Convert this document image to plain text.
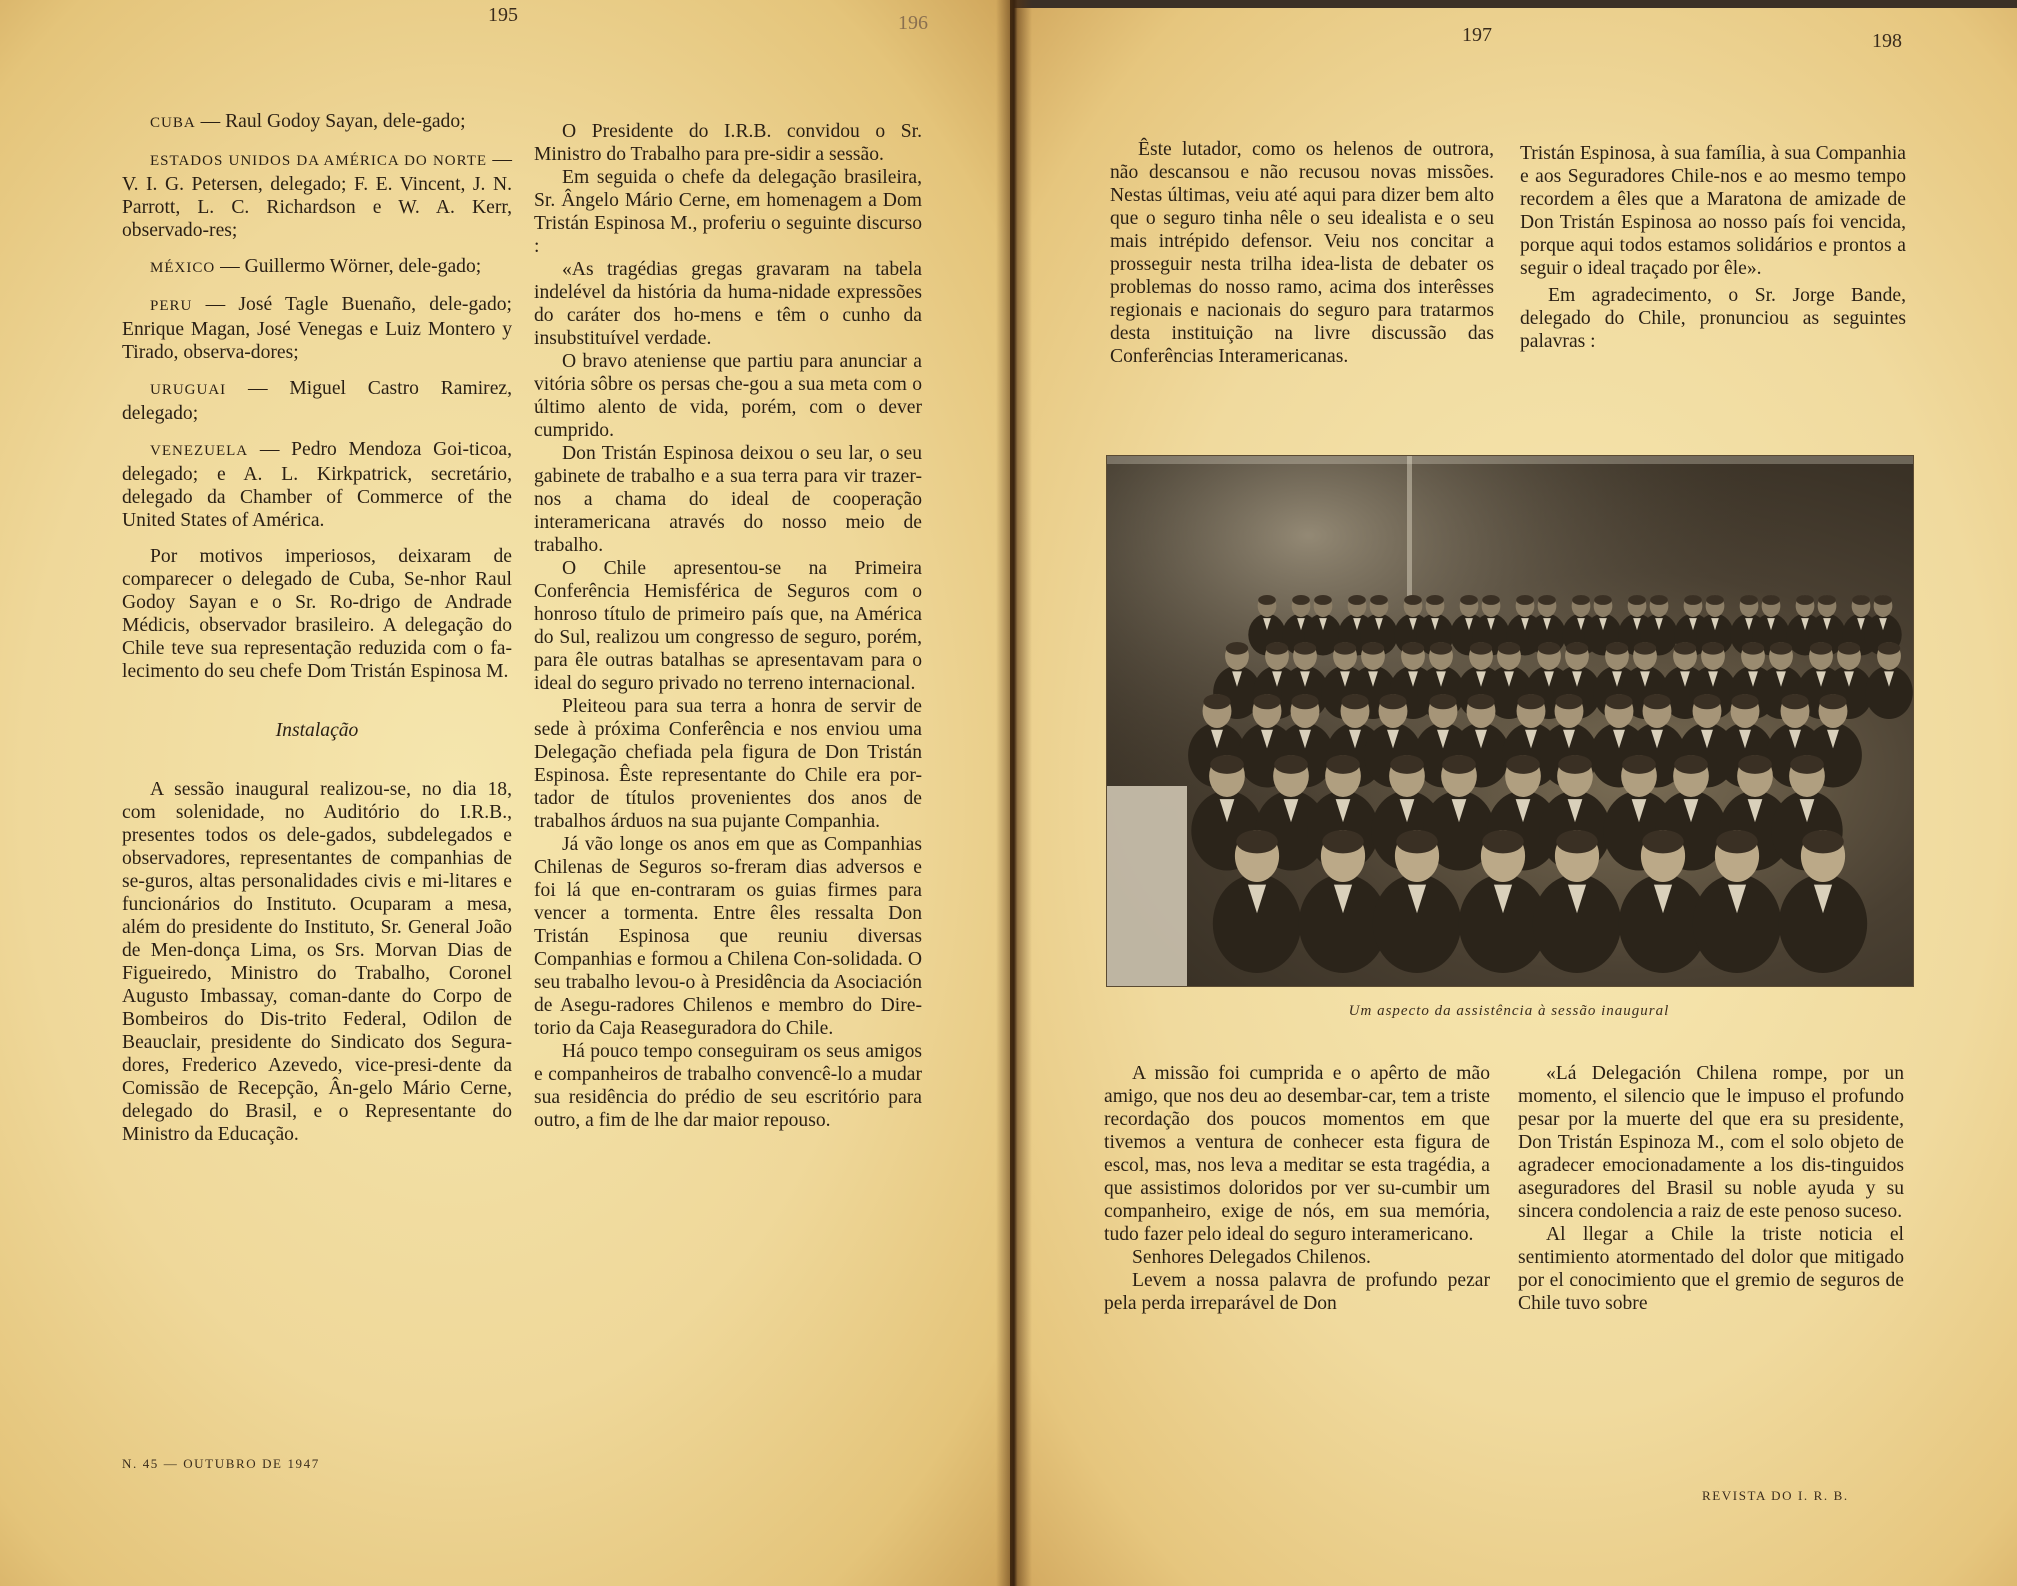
195	196
197	198

CUBA — Raul Godoy Sayan, dele-gado;

ESTADOS UNIDOS DA AMÉRICA DO NORTE — V. I. G. Petersen, delegado; F. E. Vincent, J. N. Parrott, L. C. Richardson e W. A. Kerr, observado-res;

MÉXICO — Guillermo Wörner, dele-gado;

PERU — José Tagle Buenaño, dele-gado; Enrique Magan, José Venegas e Luiz Montero y Tirado, observa-dores;

URUGUAI — Miguel Castro Ramirez, delegado;

VENEZUELA — Pedro Mendoza Goi-ticoa, delegado; e A. L. Kirkpatrick, secretário, delegado da Chamber of Commerce of the United States of América.

Por motivos imperiosos, deixaram de comparecer o delegado de Cuba, Se-nhor Raul Godoy Sayan e o Sr. Ro-drigo de Andrade Médicis, observador brasileiro. A delegação do Chile teve sua representação reduzida com o fa-lecimento do seu chefe Dom Tristán Espinosa M.

Instalação

A sessão inaugural realizou-se, no dia 18, com solenidade, no Auditório do I.R.B., presentes todos os dele-gados, subdelegados e observadores, representantes de companhias de se-guros, altas personalidades civis e mi-litares e funcionários do Instituto. Ocuparam a mesa, além do presidente do Instituto, Sr. General João de Men-donça Lima, os Srs. Morvan Dias de Figueiredo, Ministro do Trabalho, Coronel Augusto Imbassay, coman-dante do Corpo de Bombeiros do Dis-trito Federal, Odilon de Beauclair, presidente do Sindicato dos Segura-dores, Frederico Azevedo, vice-presi-dente da Comissão de Recepção, Ân-gelo Mário Cerne, delegado do Brasil, e o Representante do Ministro da Educação.

O Presidente do I.R.B. convidou o Sr. Ministro do Trabalho para pre-sidir a sessão.

Em seguida o chefe da delegação brasileira, Sr. Ângelo Mário Cerne, em homenagem a Dom Tristán Espinosa M., proferiu o seguinte discurso :

«As tragédias gregas gravaram na tabela indelével da história da huma-nidade expressões do caráter dos ho-mens e têm o cunho da insubstituível verdade.

O bravo ateniense que partiu para anunciar a vitória sôbre os persas che-gou a sua meta com o último alento de vida, porém, com o dever cumprido.

Don Tristán Espinosa deixou o seu lar, o seu gabinete de trabalho e a sua terra para vir trazer-nos a chama do ideal de cooperação interamericana através do nosso meio de trabalho.

O Chile apresentou-se na Primeira Conferência Hemisférica de Seguros com o honroso título de primeiro país que, na América do Sul, realizou um congresso de seguro, porém, para êle outras batalhas se apresentavam para o ideal do seguro privado no terreno internacional.

Pleiteou para sua terra a honra de servir de sede à próxima Conferência e nos enviou uma Delegação chefiada pela figura de Don Tristán Espinosa. Êste representante do Chile era por-tador de títulos provenientes dos anos de trabalhos árduos na sua pujante Companhia.

Já vão longe os anos em que as Companhias Chilenas de Seguros so-freram dias adversos e foi lá que en-contraram os guias firmes para vencer a tormenta. Entre êles ressalta Don Tristán Espinosa que reuniu diversas Companhias e formou a Chilena Con-solidada. O seu trabalho levou-o à Presidência da Asociación de Asegu-radores Chilenos e membro do Dire-torio da Caja Reaseguradora do Chile.

Há pouco tempo conseguiram os seus amigos e companheiros de trabalho convencê-lo a mudar sua residência do prédio de seu escritório para outro, a fim de lhe dar maior repouso.

N. 45 — OUTUBRO DE 1947

Êste lutador, como os helenos de outrora, não descansou e não recusou novas missões. Nestas últimas, veiu até aqui para dizer bem alto que o seguro tinha nêle o seu idealista e o seu mais intrépido defensor. Veiu nos concitar a prosseguir nesta trilha idea-lista de debater os problemas do nosso ramo, acima dos interêsses regionais e nacionais do seguro para tratarmos desta instituição na livre discussão das Conferências Interamericanas.

Tristán Espinosa, à sua família, à sua Companhia e aos Seguradores Chile-nos e ao mesmo tempo recordem a êles que a Maratona de amizade de Don Tristán Espinosa ao nosso país foi vencida, porque aqui todos estamos solidários e prontos a seguir o ideal traçado por êle».

Em agradecimento, o Sr. Jorge Bande, delegado do Chile, pronunciou as seguintes palavras :

Um aspecto da assistência à sessão inaugural

A missão foi cumprida e o apêrto de mão amigo, que nos deu ao desembar-car, tem a triste recordação dos poucos momentos em que tivemos a ventura de conhecer esta figura de escol, mas, nos leva a meditar se esta tragédia, a que assistimos doloridos por ver su-cumbir um companheiro, exige de nós, em sua memória, tudo fazer pelo ideal do seguro interamericano.

Senhores Delegados Chilenos.

Levem a nossa palavra de profundo pezar pela perda irreparável de Don

«Lá Delegación Chilena rompe, por un momento, el silencio que le impuso el profundo pesar por la muerte del que era su presidente, Don Tristán Espinoza M., com el solo objeto de agradecer emocionadamente a los dis-tinguidos aseguradores del Brasil su noble ayuda y su sincera condolencia a raiz de este penoso suceso.

Al llegar a Chile la triste noticia el sentimiento atormentado del dolor que mitigado por el conocimiento que el gremio de seguros de Chile tuvo sobre

REVISTA DO I. R. B.
